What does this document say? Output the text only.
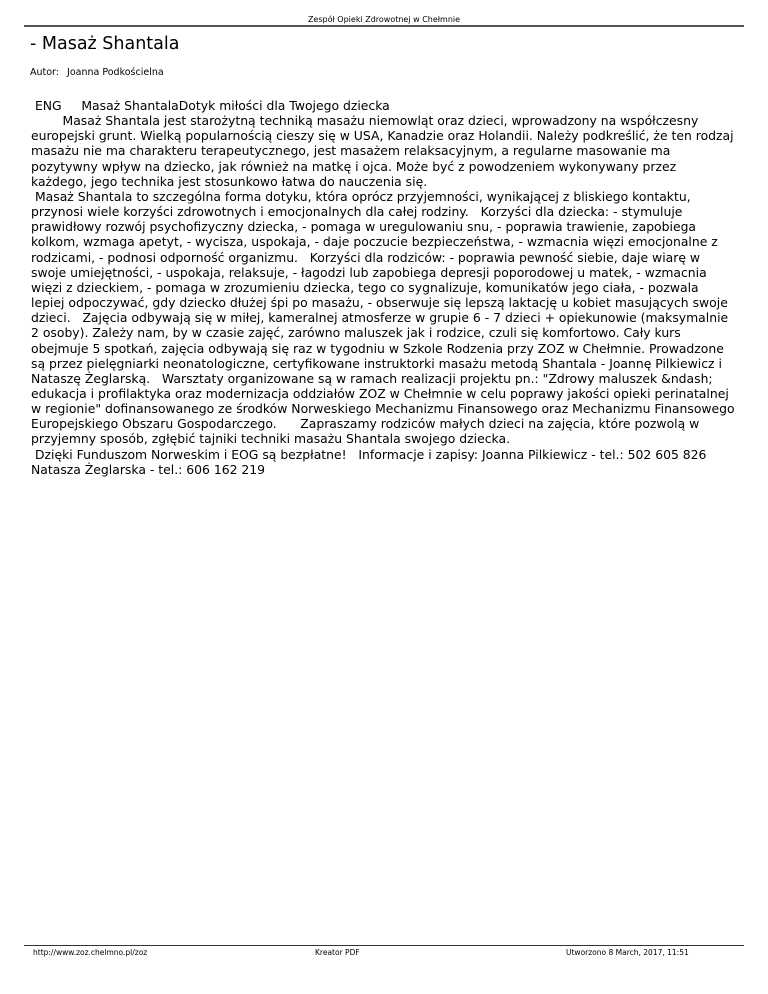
Zespół Opieki Zdrowotnej w Chełmnie
- Masaż Shantala
Autor: Joanna Podkościelna
ENG     Masaż ShantalaDotyk miłości dla Twojego dziecka
Masaż Shantala jest starożytną techniką masażu niemowląt oraz dzieci, wprowadzony na współczesny europejski grunt. Wielką popularnością cieszy się w USA, Kanadzie oraz Holandii. Należy podkreślić, że ten rodzaj masażu nie ma charakteru terapeutycznego, jest masażem relaksacyjnym, a regularne masowanie ma pozytywny wpływ na dziecko, jak również na matkę i ojca. Może być z powodzeniem wykonywany przez każdego, jego technika jest stosunkowo łatwa do nauczenia się.
Masaż Shantala to szczególna forma dotyku, która oprócz przyjemności, wynikającej z bliskiego kontaktu, przynosi wiele korzyści zdrowotnych i emocjonalnych dla całej rodziny.   Korzyści dla dziecka: - stymuluje prawidłowy rozwój psychofizyczny dziecka, - pomaga w uregulowaniu snu, - poprawia trawienie, zapobiega kolkom, wzmaga apetyt, - wycisza, uspokaja, - daje poczucie bezpieczeństwa, - wzmacnia więzi emocjonalne z rodzicami, - podnosi odporność organizmu.   Korzyści dla rodziców: - poprawia pewność siebie, daje wiarę w swoje umiejętności, - uspokaja, relaksuje, - łagodzi lub zapobiega depresji poporodowej u matek, - wzmacnia więzi z dzieckiem, - pomaga w zrozumieniu dziecka, tego co sygnalizuje, komunikatów jego ciała, - pozwala lepiej odpoczywać, gdy dziecko dłużej śpi po masażu, - obserwuje się lepszą laktację u kobiet masujących swoje dzieci.   Zajęcia odbywają się w miłej, kameralnej atmosferze w grupie 6 - 7 dzieci + opiekunowie (maksymalnie 2 osoby). Zależy nam, by w czasie zajęć, zarówno maluszek jak i rodzice, czuli się komfortowo. Cały kurs obejmuje 5 spotkań, zajęcia odbywają się raz w tygodniu w Szkole Rodzenia przy ZOZ w Chełmnie. Prowadzone są przez pielęgniarki neonatologiczne, certyfikowane instruktorki masażu metodą Shantala - Joannę Pilkiewicz i Nataszę Żeglarską.   Warsztaty organizowane są w ramach realizacji projektu pn.: "Zdrowy maluszek &ndash; edukacja i profilaktyka oraz modernizacja oddziałów ZOZ w Chełmnie w celu poprawy jakości opieki perinatalnej w regionie" dofinansowanego ze środków Norweskiego Mechanizmu Finansowego oraz Mechanizmu Finansowego Europejskiego Obszaru Gospodarczego.      Zapraszamy rodziców małych dzieci na zajęcia, które pozwolą w przyjemny sposób, zgłębić tajniki techniki masażu Shantala swojego dziecka.
Dzięki Funduszom Norweskim i EOG są bezpłatne!   Informacje i zapisy: Joanna Pilkiewicz - tel.: 502 605 826 Natasza Żeglarska - tel.: 606 162 219
http://www.zoz.chelmno.pl/zoz	Kreator PDF	Utworzono 8 March, 2017, 11:51
